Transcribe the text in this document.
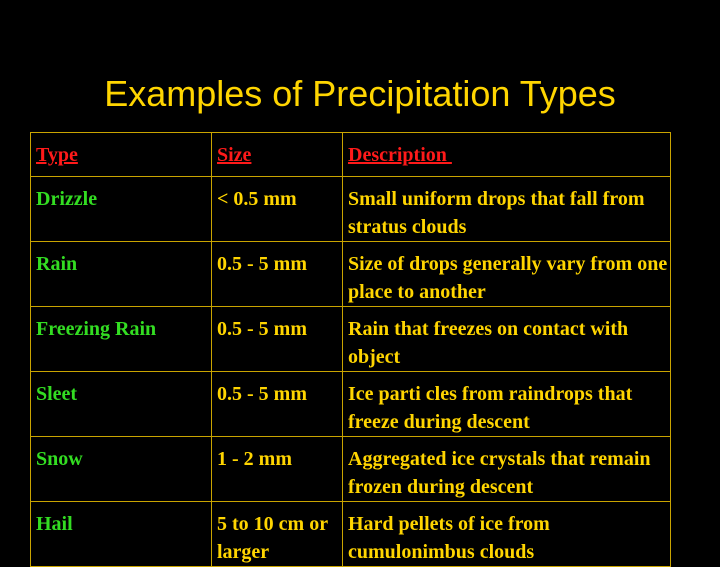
Examples of Precipitation Types
Type	Size	Description
Drizzle	< 0.5 mm	Small uniform drops that fall from stratus clouds
Rain	0.5 - 5 mm	Size of drops generally vary from one place to another
Freezing Rain	0.5 - 5 mm	Rain that freezes on contact with object
Sleet	0.5 - 5 mm	Ice parti cles from raindrops that freeze during descent
Snow	1 - 2 mm	Aggregated ice crystals that remain frozen during descent
Hail	5 to 10 cm or larger	Hard pellets of ice from cumulonimbus clouds
